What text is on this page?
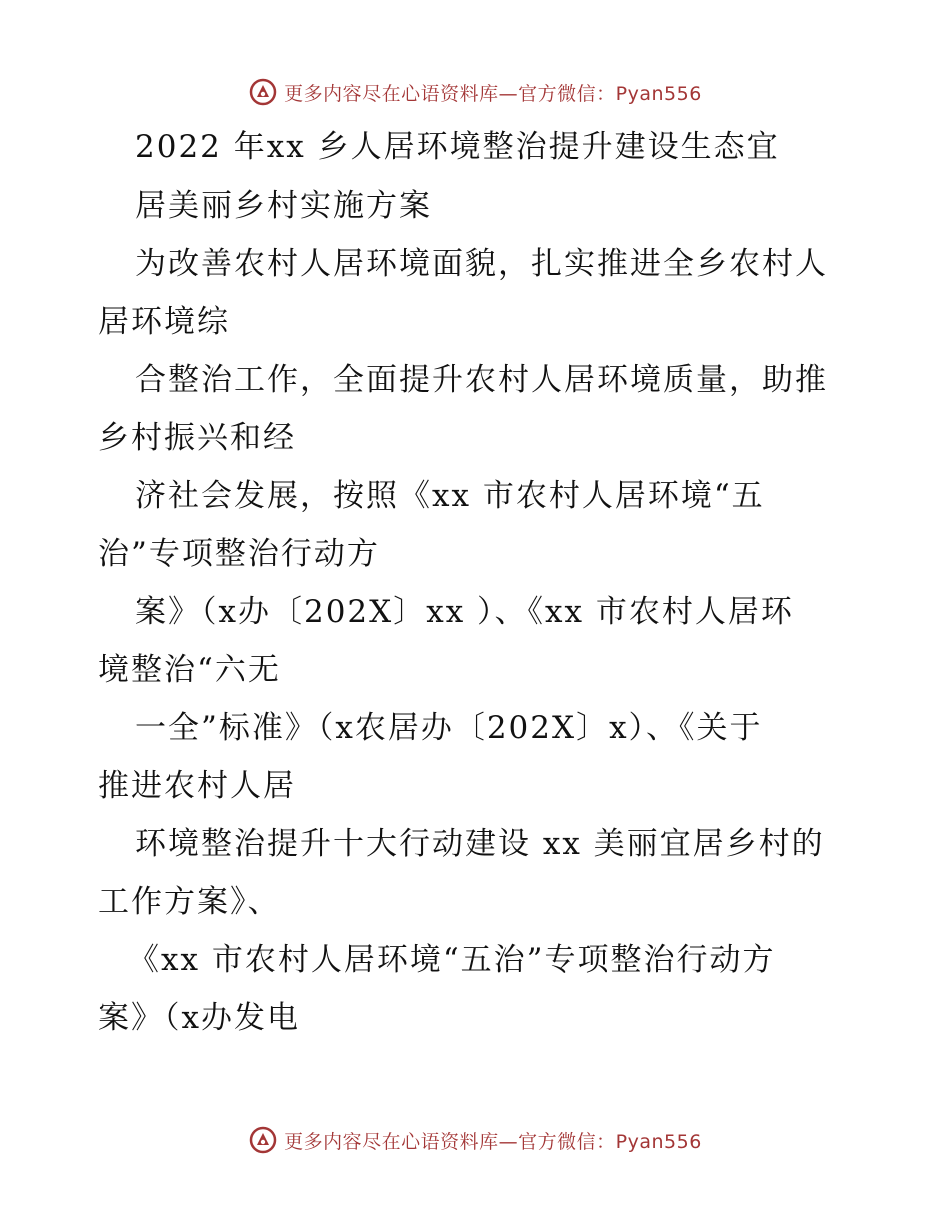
更多内容尽在心语资料库—官方微信：Pyan556
2022 年xx 乡人居环境整治提升建设生态宜
居美丽乡村实施方案
为改善农村人居环境面貌，扎实推进全乡农村人
居环境综
合整治工作，全面提升农村人居环境质量，助推
乡村振兴和经
济社会发展，按照《xx 市农村人居环境“五
治”专项整治行动方
案》（x办〔202X〕xx ）、《xx 市农村人居环
境整治“六无
一全”标准》（x农居办〔202X〕x）、《关于
推进农村人居
环境整治提升十大行动建设 xx 美丽宜居乡村的
工作方案》、
《xx 市农村人居环境“五治”专项整治行动方
案》（x办发电
更多内容尽在心语资料库—官方微信：Pyan556
